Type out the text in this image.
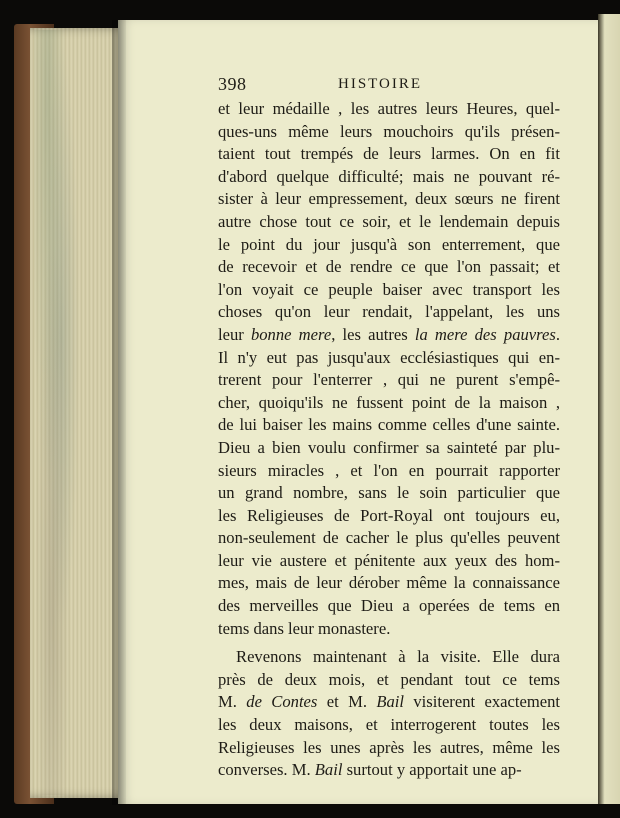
398	HISTOIRE
et leur médaille , les autres leurs Heures, quel-
ques-uns même leurs mouchoirs qu'ils présen-
taient tout trempés de leurs larmes. On en fit
d'abord quelque difficulté; mais ne pouvant ré-
sister à leur empressement, deux sœurs ne firent
autre chose tout ce soir, et le lendemain depuis
le point du jour jusqu'à son enterrement, que
de recevoir et de rendre ce que l'on passait; et
l'on voyait ce peuple baiser avec transport les
choses qu'on leur rendait, l'appelant, les uns
leur bonne mere, les autres la mere des pauvres.
Il n'y eut pas jusqu'aux ecclésiastiques qui en-
trerent pour l'enterrer , qui ne purent s'empê-
cher, quoiqu'ils ne fussent point de la maison ,
de lui baiser les mains comme celles d'une sainte.
Dieu a bien voulu confirmer sa sainteté par plu-
sieurs miracles , et l'on en pourrait rapporter
un grand nombre, sans le soin particulier que
les Religieuses de Port-Royal ont toujours eu,
non-seulement de cacher le plus qu'elles peuvent
leur vie austere et pénitente aux yeux des hom-
mes, mais de leur dérober même la connaissance
des merveilles que Dieu a operées de tems en
tems dans leur monastere.
Revenons maintenant à la visite. Elle dura
près de deux mois, et pendant tout ce tems
M. de Contes et M. Bail visiterent exactement
les deux maisons, et interrogerent toutes les
Religieuses les unes après les autres, même les
converses. M. Bail surtout y apportait une ap-
